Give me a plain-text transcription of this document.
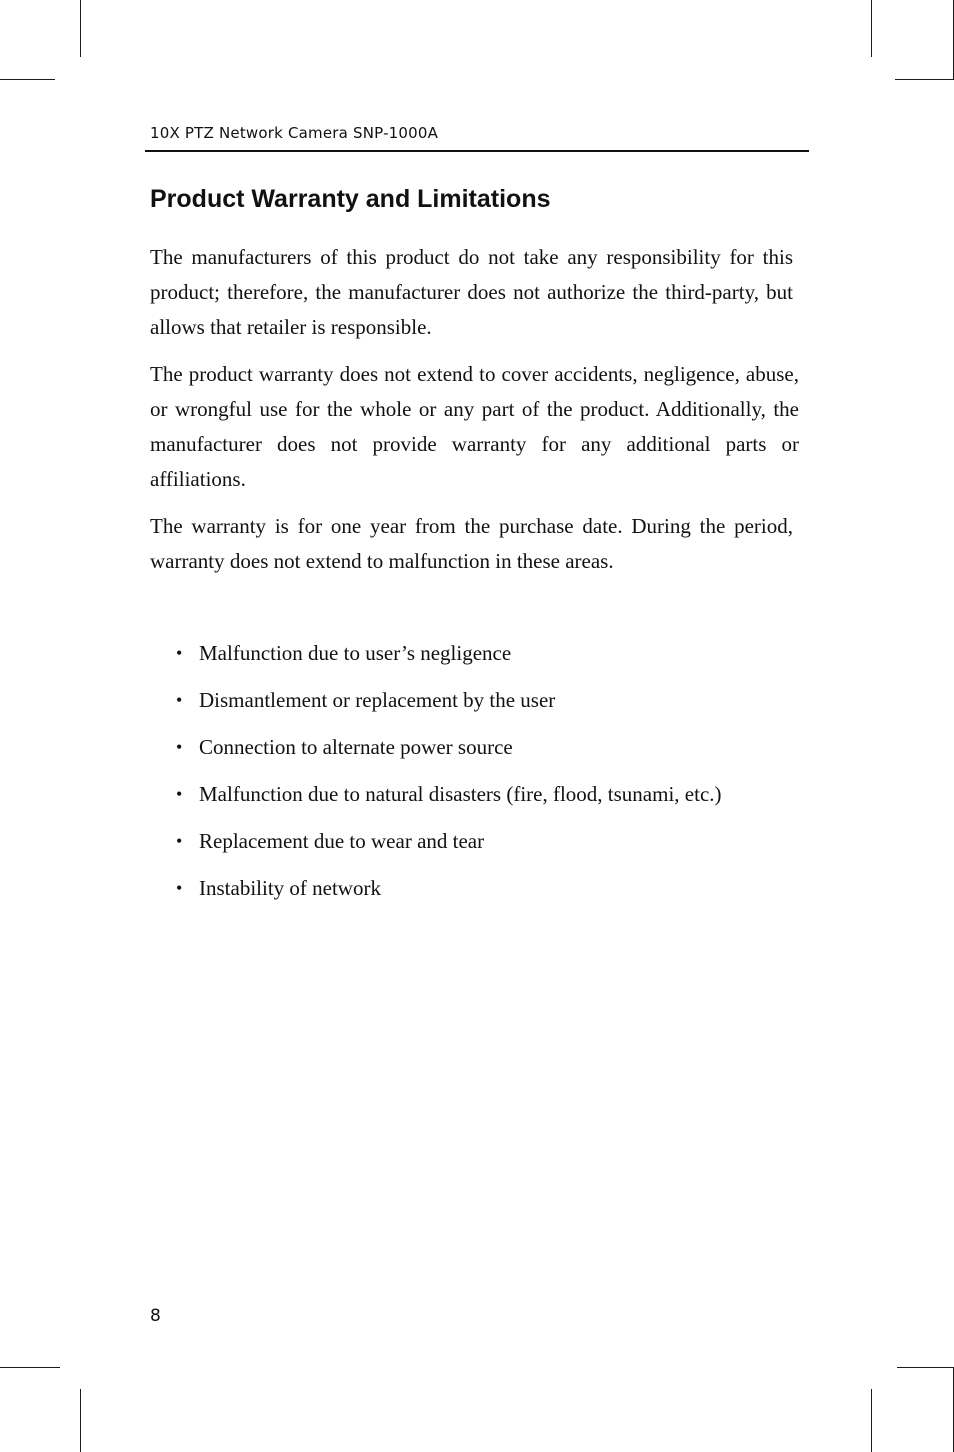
10X PTZ Network Camera SNP-1000A
Product Warranty and Limitations

The manufacturers of this product do not take any responsibility for this product; therefore, the manufacturer does not authorize the third-party, but allows that retailer is responsible.

The product warranty does not extend to cover accidents, negligence, abuse, or wrongful use for the whole or any part of the product. Additionally, the manufacturer does not provide warranty for any additional parts or affiliations.

The warranty is for one year from the purchase date. During the period, warranty does not extend to malfunction in these areas.

• Malfunction due to user’s negligence
• Dismantlement or replacement by the user
• Connection to alternate power source
• Malfunction due to natural disasters (fire, flood, tsunami, etc.)
• Replacement due to wear and tear
• Instability of network
8
